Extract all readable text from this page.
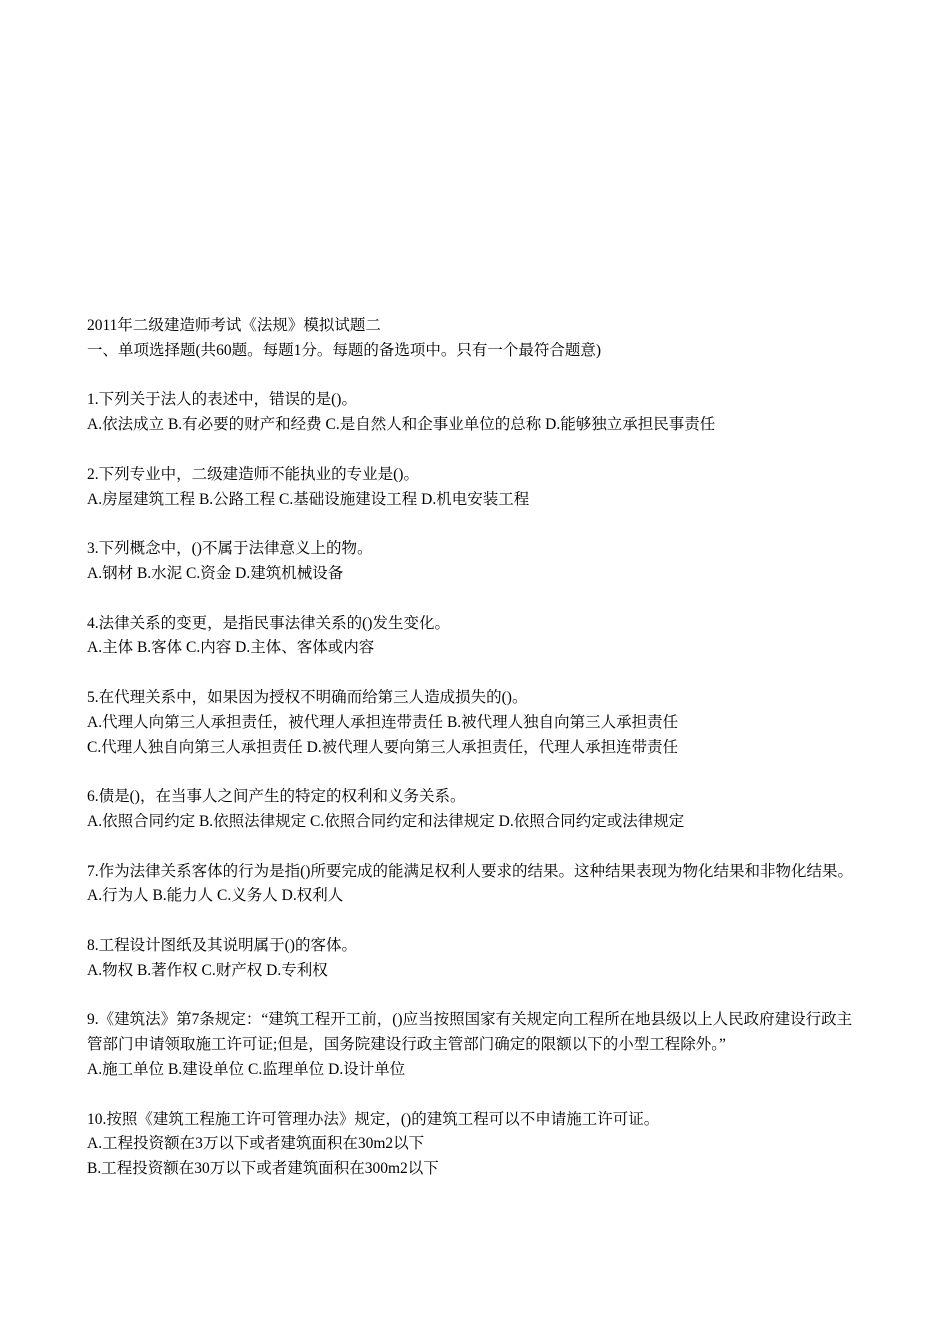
2011年二级建造师考试《法规》模拟试题二

一、单项选择题(共60题。每题1分。每题的备选项中。只有一个最符合题意)

1.下列关于法人的表述中，错误的是()。

A.依法成立 B.有必要的财产和经费 C.是自然人和企事业单位的总称 D.能够独立承担民事责任

2.下列专业中，二级建造师不能执业的专业是()。

A.房屋建筑工程 B.公路工程 C.基础设施建设工程 D.机电安装工程

3.下列概念中，()不属于法律意义上的物。

A.钢材 B.水泥 C.资金 D.建筑机械设备

4.法律关系的变更，是指民事法律关系的()发生变化。

A.主体 B.客体 C.内容 D.主体、客体或内容

5.在代理关系中，如果因为授权不明确而给第三人造成损失的()。

A.代理人向第三人承担责任，被代理人承担连带责任 B.被代理人独自向第三人承担责任

C.代理人独自向第三人承担责任 D.被代理人要向第三人承担责任，代理人承担连带责任

6.债是()，在当事人之间产生的特定的权利和义务关系。

A.依照合同约定 B.依照法律规定 C.依照合同约定和法律规定 D.依照合同约定或法律规定

7.作为法律关系客体的行为是指()所要完成的能满足权利人要求的结果。这种结果表现为物化结果和非物化结果。

A.行为人 B.能力人 C.义务人 D.权利人

8.工程设计图纸及其说明属于()的客体。

A.物权 B.著作权 C.财产权 D.专利权

9.《建筑法》第7条规定：“建筑工程开工前，()应当按照国家有关规定向工程所在地县级以上人民政府建设行政主管部门申请领取施工许可证;但是，国务院建设行政主管部门确定的限额以下的小型工程除外。”

A.施工单位 B.建设单位 C.监理单位 D.设计单位

10.按照《建筑工程施工许可管理办法》规定，()的建筑工程可以不申请施工许可证。

A.工程投资额在3万以下或者建筑面积在30m2以下

B.工程投资额在30万以下或者建筑面积在300m2以下
